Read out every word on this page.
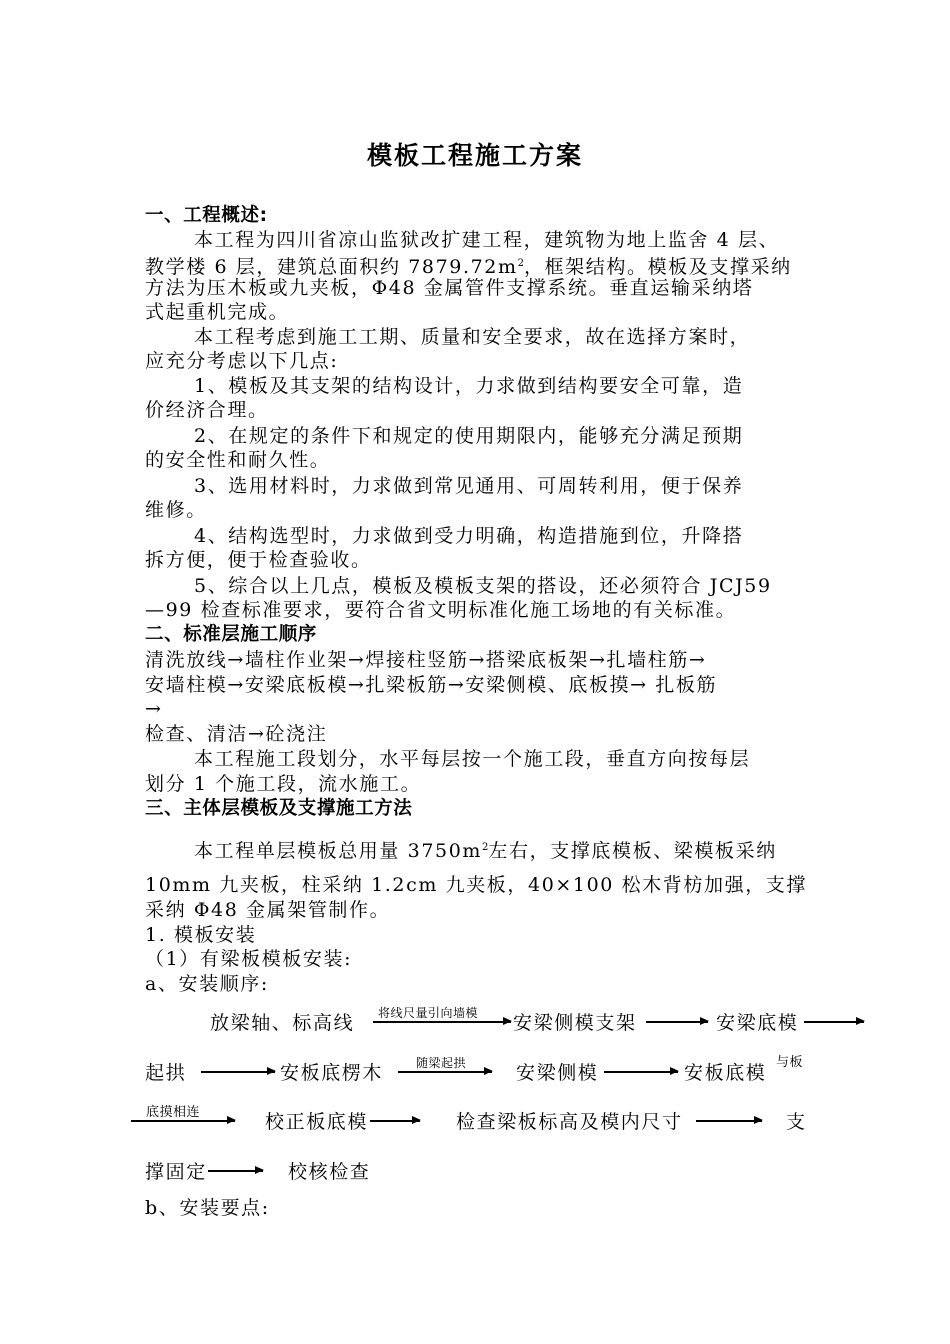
模板工程施工方案
一、工程概述:
本工程为四川省凉山监狱改扩建工程，建筑物为地上监舍 4 层、
教学楼 6 层，建筑总面积约 $7879.72m^2$，框架结构。模板及支撑采纳
方法为压木板或九夹板，Φ48 金属管件支撑系统。垂直运输采纳塔
式起重机完成。
本工程考虑到施工工期、质量和安全要求，故在选择方案时，
应充分考虑以下几点:
1、模板及其支架的结构设计，力求做到结构要安全可靠，造
价经济合理。
2、在规定的条件下和规定的使用期限内，能够充分满足预期
的安全性和耐久性。
3、选用材料时，力求做到常见通用、可周转利用，便于保养
维修。
4、结构选型时，力求做到受力明确，构造措施到位，升降搭
拆方便，便于检查验收。
5、综合以上几点，模板及模板支架的搭设，还必须符合 JCJ59
—99 检查标准要求，要符合省文明标准化施工场地的有关标准。
二、标准层施工顺序
清洗放线→墙柱作业架→焊接柱竖筋→搭梁底板架→扎墙柱筋→
安墙柱模→安梁底板模→扎梁板筋→安梁侧模、底板摸→ 扎板筋
→
检查、清洁→砼浇注
本工程施工段划分，水平每层按一个施工段，垂直方向按每层
划分 1 个施工段，流水施工。
三、主体层模板及支撑施工方法
本工程单层模板总用量 $3750m^2$左右，支撑底模板、梁模板采纳
10mm 九夹板，柱采纳 1.2cm 九夹板，40×100 松木背枋加强，支撑
采纳 Φ48 金属架管制作。
1. 模板安装
（1）有梁板模板安装:
a、安装顺序:
放梁轴、标高线 将线尺量引向墙模 安梁侧模支架	安梁底模
起拱	安板底楞木	随梁起拱	安梁侧模	安板底模 与板
底摸相连	校正板底模	检查梁板标高及模内尺寸	支
撑固定	校核检查
b、安装要点:
